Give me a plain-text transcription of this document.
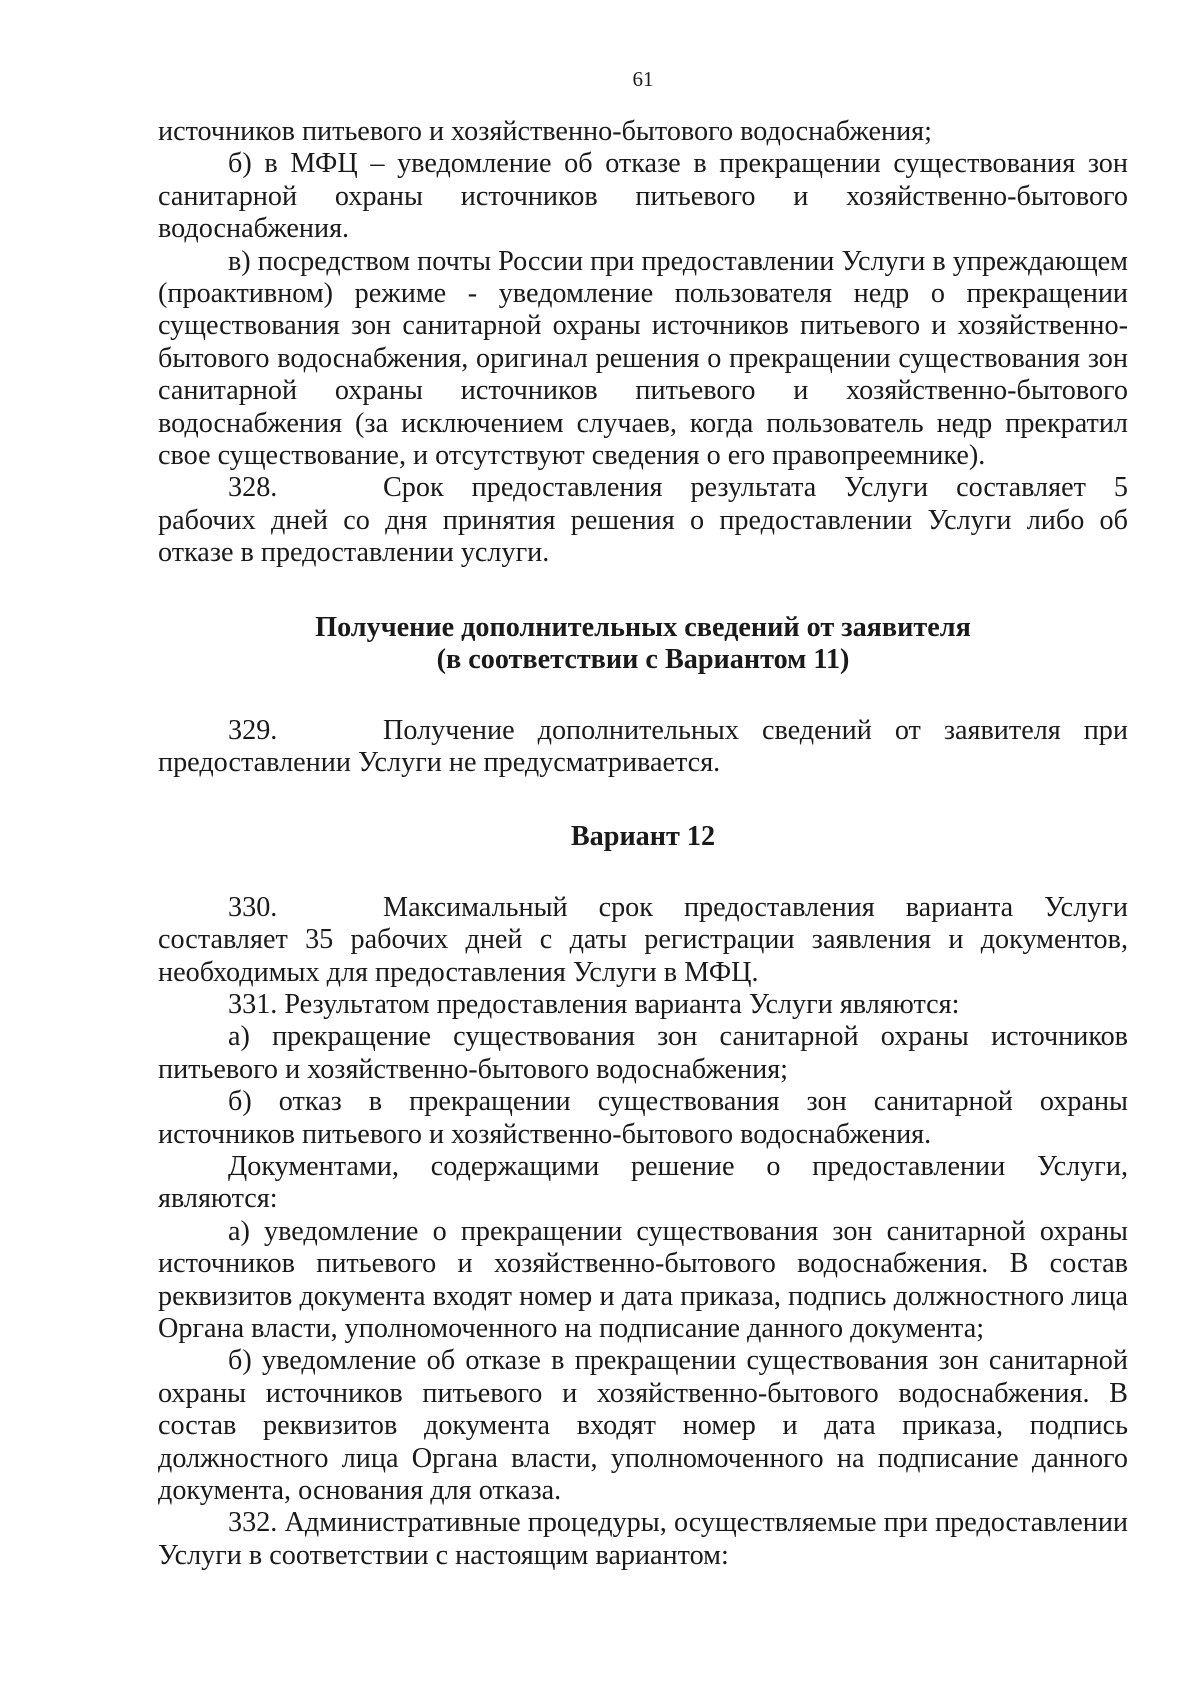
61

источников питьевого и хозяйственно-бытового водоснабжения;

б) в МФЦ – уведомление об отказе в прекращении существования зон санитарной охраны источников питьевого и хозяйственно-бытового водоснабжения.

в) посредством почты России при предоставлении Услуги в упреждающем (проактивном) режиме - уведомление пользователя недр о прекращении существования зон санитарной охраны источников питьевого и хозяйственно-бытового водоснабжения, оригинал решения о прекращении существования зон санитарной охраны источников питьевого и хозяйственно-бытового водоснабжения (за исключением случаев, когда пользователь недр прекратил свое существование, и отсутствуют сведения о его правопреемнике).

328.	Срок предоставления результата Услуги составляет 5

рабочих дней со дня принятия решения о предоставлении Услуги либо об отказе в предоставлении услуги.

Получение дополнительных сведений от заявителя
(в соответствии с Вариантом 11)
329.	Получение дополнительных сведений от заявителя при

предоставлении Услуги не предусматривается.

Вариант 12
330.	Максимальный срок предоставления варианта Услуги

составляет 35 рабочих дней с даты регистрации заявления и документов, необходимых для предоставления Услуги в МФЦ.

331. Результатом предоставления варианта Услуги являются:

а) прекращение существования зон санитарной охраны источников питьевого и хозяйственно-бытового водоснабжения;

б) отказ в прекращении существования зон санитарной охраны источников питьевого и хозяйственно-бытового водоснабжения.

Документами, содержащими решение о предоставлении Услуги, являются:

а) уведомление о прекращении существования зон санитарной охраны источников питьевого и хозяйственно-бытового водоснабжения. В состав реквизитов документа входят номер и дата приказа, подпись должностного лица Органа власти, уполномоченного на подписание данного документа;

б) уведомление об отказе в прекращении существования зон санитарной охраны источников питьевого и хозяйственно-бытового водоснабжения. В состав реквизитов документа входят номер и дата приказа, подпись должностного лица Органа власти, уполномоченного на подписание данного документа, основания для отказа.

332. Административные процедуры, осуществляемые при предоставлении Услуги в соответствии с настоящим вариантом:
